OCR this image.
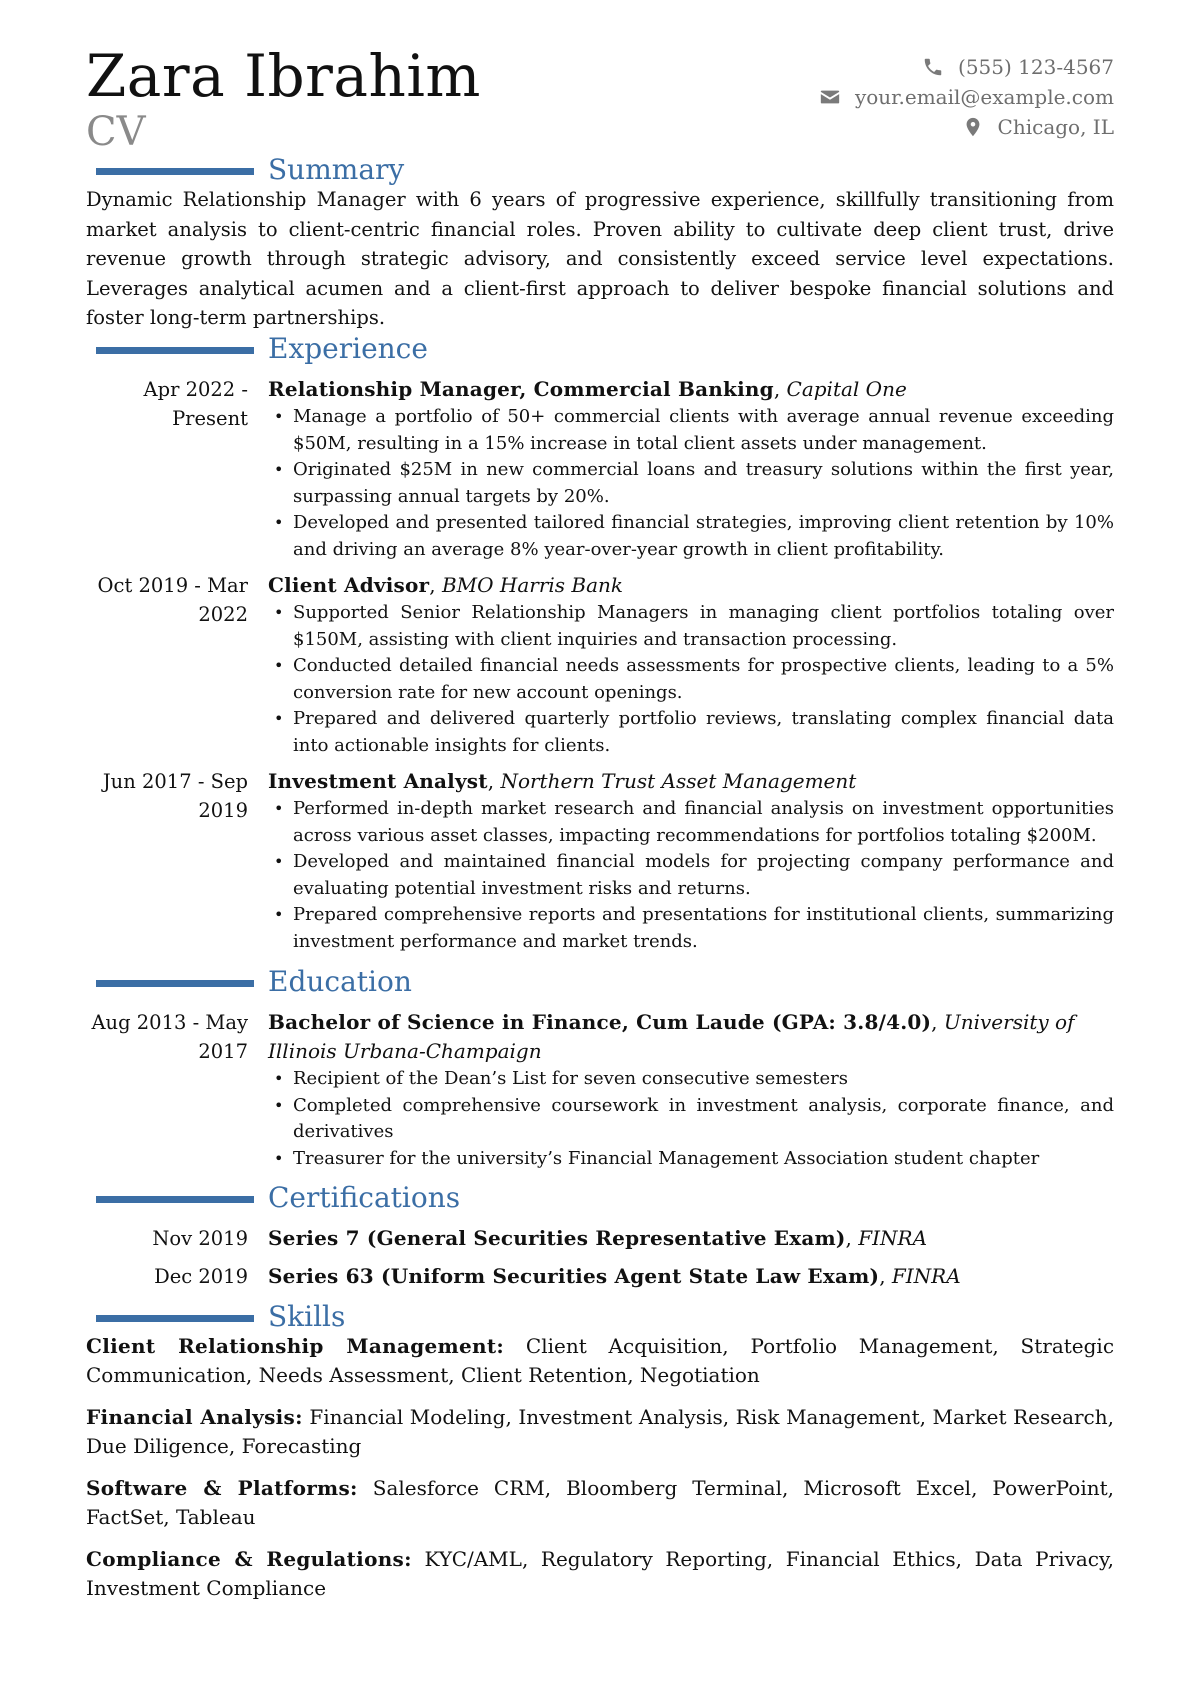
Zara Ibrahim
CV
(555) 123-4567
your.email@example.com
Chicago, IL
Summary
Dynamic Relationship Manager with 6 years of progressive experience, skillfully transitioning from market analysis to client-centric financial roles. Proven ability to cultivate deep client trust, drive revenue growth through strategic advisory, and consistently exceed service level expectations. Leverages analytical acumen and a client-first approach to deliver bespoke financial solutions and foster long-term partnerships.
Experience
Apr 2022 - Present
Relationship Manager, Commercial Banking, Capital One
• Manage a portfolio of 50+ commercial clients with average annual revenue exceeding $50M, resulting in a 15% increase in total client assets under management.
• Originated $25M in new commercial loans and treasury solutions within the first year, surpassing annual targets by 20%.
• Developed and presented tailored financial strategies, improving client retention by 10% and driving an average 8% year-over-year growth in client profitability.
Oct 2019 - Mar 2022
Client Advisor, BMO Harris Bank
• Supported Senior Relationship Managers in managing client portfolios totaling over $150M, assisting with client inquiries and transaction processing.
• Conducted detailed financial needs assessments for prospective clients, leading to a 5% conversion rate for new account openings.
• Prepared and delivered quarterly portfolio reviews, translating complex financial data into actionable insights for clients.
Jun 2017 - Sep 2019
Investment Analyst, Northern Trust Asset Management
• Performed in-depth market research and financial analysis on investment opportunities across various asset classes, impacting recommendations for portfolios totaling $200M.
• Developed and maintained financial models for projecting company performance and evaluating potential investment risks and returns.
• Prepared comprehensive reports and presentations for institutional clients, summarizing investment performance and market trends.
Education
Aug 2013 - May 2017
Bachelor of Science in Finance, Cum Laude (GPA: 3.8/4.0), University of
Illinois Urbana-Champaign
• Recipient of the Dean’s List for seven consecutive semesters
• Completed comprehensive coursework in investment analysis, corporate finance, and derivatives
• Treasurer for the university’s Financial Management Association student chapter
Certifications
Nov 2019 Series 7 (General Securities Representative Exam), FINRA
Dec 2019 Series 63 (Uniform Securities Agent State Law Exam), FINRA
Skills
Client Relationship Management: Client Acquisition, Portfolio Management, Strategic Communication, Needs Assessment, Client Retention, Negotiation
Financial Analysis: Financial Modeling, Investment Analysis, Risk Management, Market Research, Due Diligence, Forecasting
Software & Platforms: Salesforce CRM, Bloomberg Terminal, Microsoft Excel, PowerPoint, FactSet, Tableau
Compliance & Regulations: KYC/AML, Regulatory Reporting, Financial Ethics, Data Privacy, Investment Compliance
